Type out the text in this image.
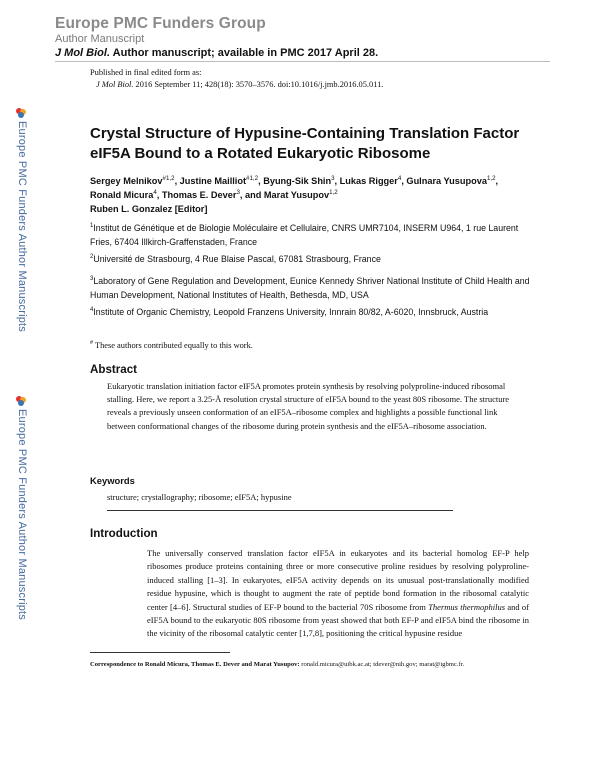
Europe PMC Funders Group
Author Manuscript
J Mol Biol. Author manuscript; available in PMC 2017 April 28.
Europe PMC Funders Author Manuscripts
Europe PMC Funders Author Manuscripts
Published in final edited form as:
J Mol Biol. 2016 September 11; 428(18): 3570–3576. doi:10.1016/j.jmb.2016.05.011.
Crystal Structure of Hypusine-Containing Translation Factor eIF5A Bound to a Rotated Eukaryotic Ribosome
Sergey Melnikov$^{\#1,2}$, Justine Mailliot$^{\#1,2}$, Byung-Sik Shin$^3$, Lukas Rigger$^4$, Gulnara Yusupova$^{1,2}$, Ronald Micura$^4$, Thomas E. Dever$^3$, and Marat Yusupov$^{1,2}$
Ruben L. Gonzalez [Editor]
$^1$Institut de Génétique et de Biologie Moléculaire et Cellulaire, CNRS UMR7104, INSERM U964, 1 rue Laurent Fries, 67404 Illkirch-Graffenstaden, France
$^2$Université de Strasbourg, 4 Rue Blaise Pascal, 67081 Strasbourg, France
$^3$Laboratory of Gene Regulation and Development, Eunice Kennedy Shriver National Institute of Child Health and Human Development, National Institutes of Health, Bethesda, MD, USA
$^4$Institute of Organic Chemistry, Leopold Franzens University, Innrain 80/82, A-6020, Innsbruck, Austria
# These authors contributed equally to this work.
Abstract
Eukaryotic translation initiation factor eIF5A promotes protein synthesis by resolving polyproline-induced ribosomal stalling. Here, we report a 3.25-Å resolution crystal structure of eIF5A bound to the yeast 80S ribosome. The structure reveals a previously unseen conformation of an eIF5A–ribosome complex and highlights a possible functional link between conformational changes of the ribosome during protein synthesis and the eIF5A–ribosome association.
Keywords
structure; crystallography; ribosome; eIF5A; hypusine
Introduction
The universally conserved translation factor eIF5A in eukaryotes and its bacterial homolog EF-P help ribosomes produce proteins containing three or more consecutive proline residues by resolving polyproline-induced stalling [1–3]. In eukaryotes, eIF5A activity depends on its unusual post-translationally modified residue hypusine, which is thought to augment the rate of peptide bond formation in the ribosomal catalytic center [4–6]. Structural studies of EF-P bound to the bacterial 70S ribosome from Thermus thermophilus and of eIF5A bound to the eukaryotic 80S ribosome from yeast showed that both EF-P and eIF5A bind the ribosome in the vicinity of the ribosomal catalytic center [1,7,8], positioning the critical hypusine residue
Correspondence to Ronald Micura, Thomas E. Dever and Marat Yusupov: ronald.micura@uibk.ac.at; tdever@nih.gov; marat@igbmc.fr.
